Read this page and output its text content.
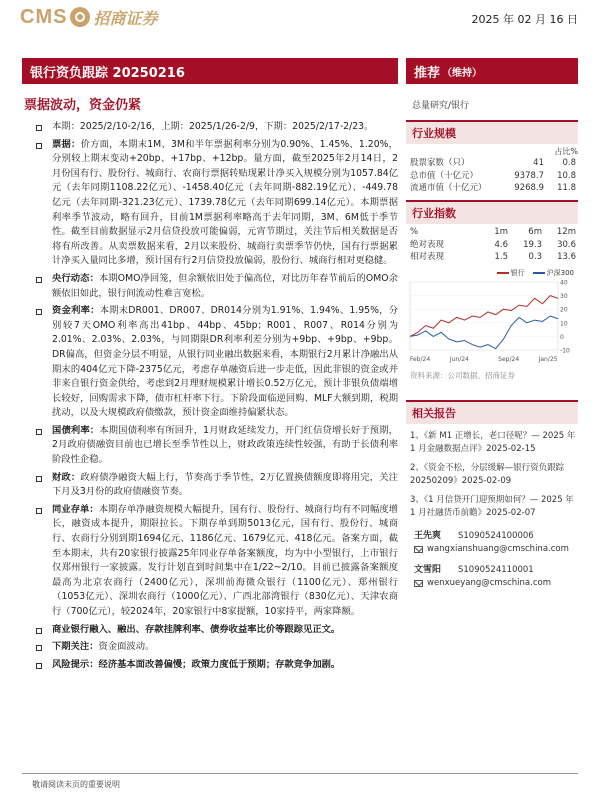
CMS 招商证券	2025 年 02 月 16 日
银行资负跟踪 20250216	推荐 （维持）
票据波动，资金仍紧	总量研究/银行
本期：2025/2/10-2/16，上期：2025/1/26-2/9，下期：2025/2/17-2/23。
票据：价方面，本期末1M、3M和半年票据利率分别为0.90%、1.45%、1.20%，分别较上期末变动+20bp、+17bp、+12bp。量方面，截至2025年2月14日，2月份国有行、股份行、城商行、农商行票据转贴现累计净买入规模分别为1057.84亿元（去年同期1108.22亿元）、-1458.40亿元（去年同期-882.19亿元）、-449.78亿元（去年同期-321.23亿元）、1739.78亿元（去年同期699.14亿元）。本期票据利率季节波动，略有回升，目前1M票据利率略高于去年同期，3M、6M低于季节性。截至目前数据显示2月信贷投放可能偏弱，元宵节期过，关注节后相关数据是否将有所改善。从卖票数据来看，2月以来股份、城商行卖票季节仍快，国有行票据累计净买入量同比多增，预计国有行2月信贷投放偏弱，股份行、城商行相对更稳健。
央行动态：本期OMO净回笼，但余额依旧处于偏高位，对比历年春节前后的OMO余额依旧如此，银行间流动性难言宽松。
资金利率：本期末DR001、DR007、DR014分别为1.91%、1.94%、1.95%，分别较7天OMO利率高出41bp、44bp、45bp；R001、R007、R014分别为2.01%、2.03%、2.03%，与同期限DR利率利差分别为+9bp、+9bp、+9bp。DR偏高，但资金分层不明显，从银行同业融出数据来看，本期银行2月累计净融出从期末的404亿元下降-2375亿元，考虑存单融资后进一步走低，因此非银的资金或并非来自银行资金供给，考虑到2月理财规模累计增长0.52万亿元，预计非银负债端增长较好，回购需求下降，债市杠杆率下行。下阶段面临逆回购、MLF大额到期，税期扰动，以及大规模政府债缴款，预计资金面维持偏紧状态。
国债利率：本期国债利率有所回升，1月财政延续发力，开门红信贷增长好于预期，2月政府债融资目前也已增长至季节性以上，财政政策连续性较强，有助于长债利率阶段性企稳。
财政：政府债净融资大幅上行，节奏高于季节性，2万亿置换债额度即将用完，关注下月及3月份的政府债融资节奏。
同业存单：本期存单净融资规模大幅提升，国有行、股份行、城商行均有不同幅度增长，融资成本提升，期限拉长。下期存单到期5013亿元，国有行、股份行、城商行、农商行分别到期1694亿元、1186亿元、1679亿元、418亿元。备案方面，截至本期末，共有20家银行披露25年同业存单备案额度，均为中小型银行，上市银行仅郑州银行一家披露。发行计划直到时间集中在1/22~2/10。目前已披露备案额度最高为北京农商行（2400亿元），深圳前海微众银行（1100亿元）、郑州银行（1053亿元）、深圳农商行（1000亿元）、广西北部湾银行（830亿元）、天津农商行（700亿元），较2024年，20家银行中8家提额，10家持平，两家降额。
商业银行融入、融出、存款挂牌利率、债券收益率比价等跟踪见正文。
下期关注：资金面波动。
风险提示：经济基本面改善偏慢；政策力度低于预期；存款竞争加剧。
行业规模
占比%
股票家数（只）	41	0.8
总市值（十亿元）	9378.7	10.8
流通市值（十亿元）	9268.9	11.8
行业指数
%	1m	6m	12m
绝对表现	4.6	19.3	30.6
相对表现	1.5	0.3	13.6
银行	沪深300
-10
0
10
20
30
40
Feb/24	Jun/24	Sep/24	Jan/25
资料来源：公司数据、招商证券
相关报告
1、《新 M1 正增长，老口径呢？— 2025 年 1 月金融数据点评》2025-02-15
2、《资金不松，分层缓解—银行资负跟踪 20250209》2025-02-09
3、《1 月信贷开门迎预期如何？— 2025 年 1 月社融货币前瞻》2025-02-07
王先爽	S1090524100006
wangxianshuang@cmschina.com
文雪阳	S1090524110001
wenxueyang@cmschina.com
敬请阅读末页的重要说明
